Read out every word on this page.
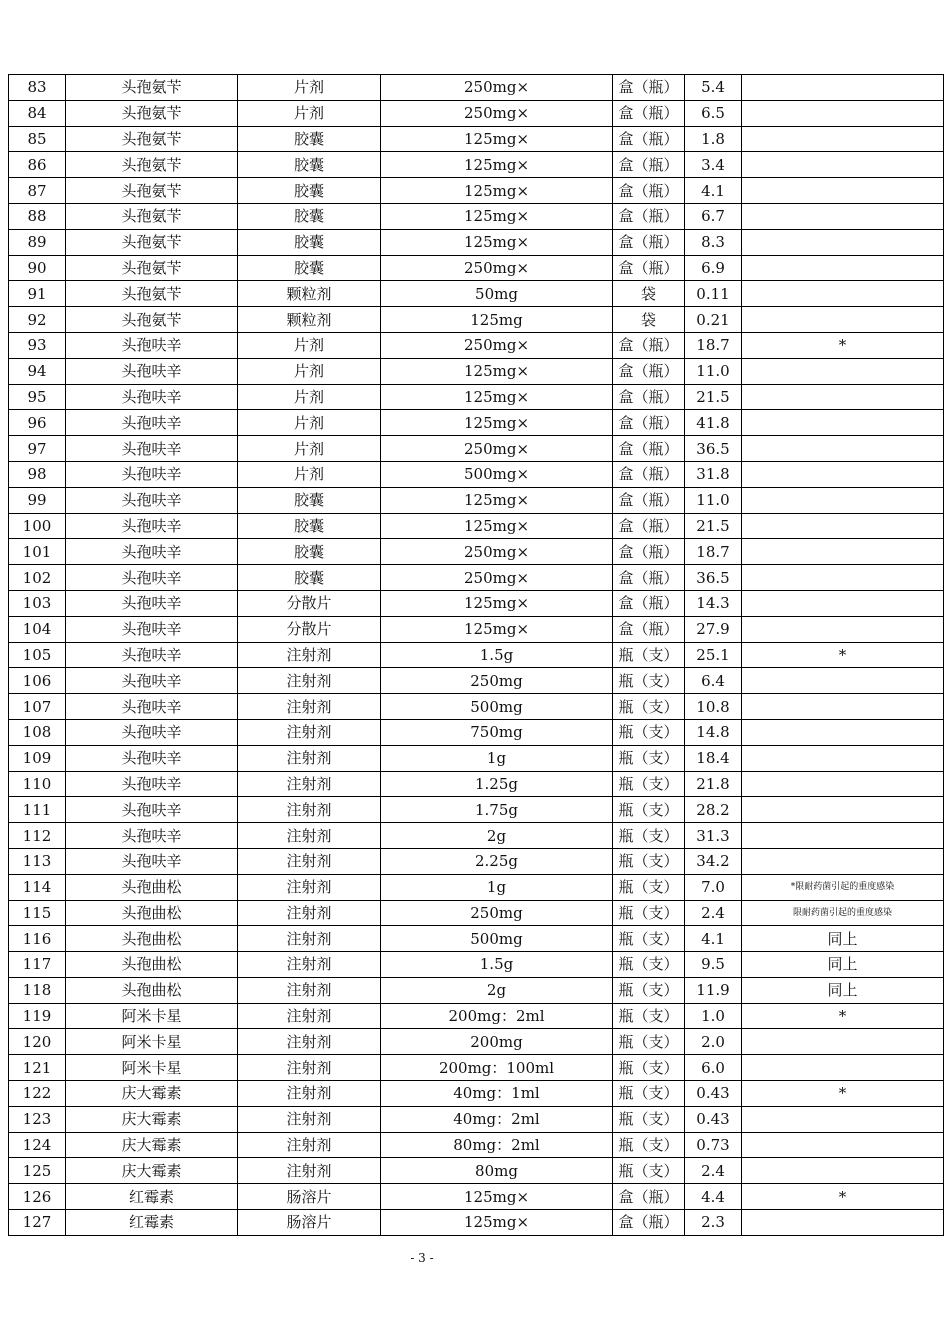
83	头孢氨苄	片剂	250mg×	盒（瓶）	5.4	
84	头孢氨苄	片剂	250mg×	盒（瓶）	6.5	
85	头孢氨苄	胶囊	125mg×	盒（瓶）	1.8	
86	头孢氨苄	胶囊	125mg×	盒（瓶）	3.4	
87	头孢氨苄	胶囊	125mg×	盒（瓶）	4.1	
88	头孢氨苄	胶囊	125mg×	盒（瓶）	6.7	
89	头孢氨苄	胶囊	125mg×	盒（瓶）	8.3	
90	头孢氨苄	胶囊	250mg×	盒（瓶）	6.9	
91	头孢氨苄	颗粒剂	50mg	袋	0.11	
92	头孢氨苄	颗粒剂	125mg	袋	0.21	
93	头孢呋辛	片剂	250mg×	盒（瓶）	18.7	*
94	头孢呋辛	片剂	125mg×	盒（瓶）	11.0	
95	头孢呋辛	片剂	125mg×	盒（瓶）	21.5	
96	头孢呋辛	片剂	125mg×	盒（瓶）	41.8	
97	头孢呋辛	片剂	250mg×	盒（瓶）	36.5	
98	头孢呋辛	片剂	500mg×	盒（瓶）	31.8	
99	头孢呋辛	胶囊	125mg×	盒（瓶）	11.0	
100	头孢呋辛	胶囊	125mg×	盒（瓶）	21.5	
101	头孢呋辛	胶囊	250mg×	盒（瓶）	18.7	
102	头孢呋辛	胶囊	250mg×	盒（瓶）	36.5	
103	头孢呋辛	分散片	125mg×	盒（瓶）	14.3	
104	头孢呋辛	分散片	125mg×	盒（瓶）	27.9	
105	头孢呋辛	注射剂	1.5g	瓶（支）	25.1	*
106	头孢呋辛	注射剂	250mg	瓶（支）	6.4	
107	头孢呋辛	注射剂	500mg	瓶（支）	10.8	
108	头孢呋辛	注射剂	750mg	瓶（支）	14.8	
109	头孢呋辛	注射剂	1g	瓶（支）	18.4	
110	头孢呋辛	注射剂	1.25g	瓶（支）	21.8	
111	头孢呋辛	注射剂	1.75g	瓶（支）	28.2	
112	头孢呋辛	注射剂	2g	瓶（支）	31.3	
113	头孢呋辛	注射剂	2.25g	瓶（支）	34.2	
114	头孢曲松	注射剂	1g	瓶（支）	7.0	*限耐药菌引起的重度感染
115	头孢曲松	注射剂	250mg	瓶（支）	2.4	限耐药菌引起的重度感染
116	头孢曲松	注射剂	500mg	瓶（支）	4.1	同上
117	头孢曲松	注射剂	1.5g	瓶（支）	9.5	同上
118	头孢曲松	注射剂	2g	瓶（支）	11.9	同上
119	阿米卡星	注射剂	200mg：2ml	瓶（支）	1.0	*
120	阿米卡星	注射剂	200mg	瓶（支）	2.0	
121	阿米卡星	注射剂	200mg：100ml	瓶（支）	6.0	
122	庆大霉素	注射剂	40mg：1ml	瓶（支）	0.43	*
123	庆大霉素	注射剂	40mg：2ml	瓶（支）	0.43	
124	庆大霉素	注射剂	80mg：2ml	瓶（支）	0.73	
125	庆大霉素	注射剂	80mg	瓶（支）	2.4	
126	红霉素	肠溶片	125mg×	盒（瓶）	4.4	*
127	红霉素	肠溶片	125mg×	盒（瓶）	2.3	
- 3 -
